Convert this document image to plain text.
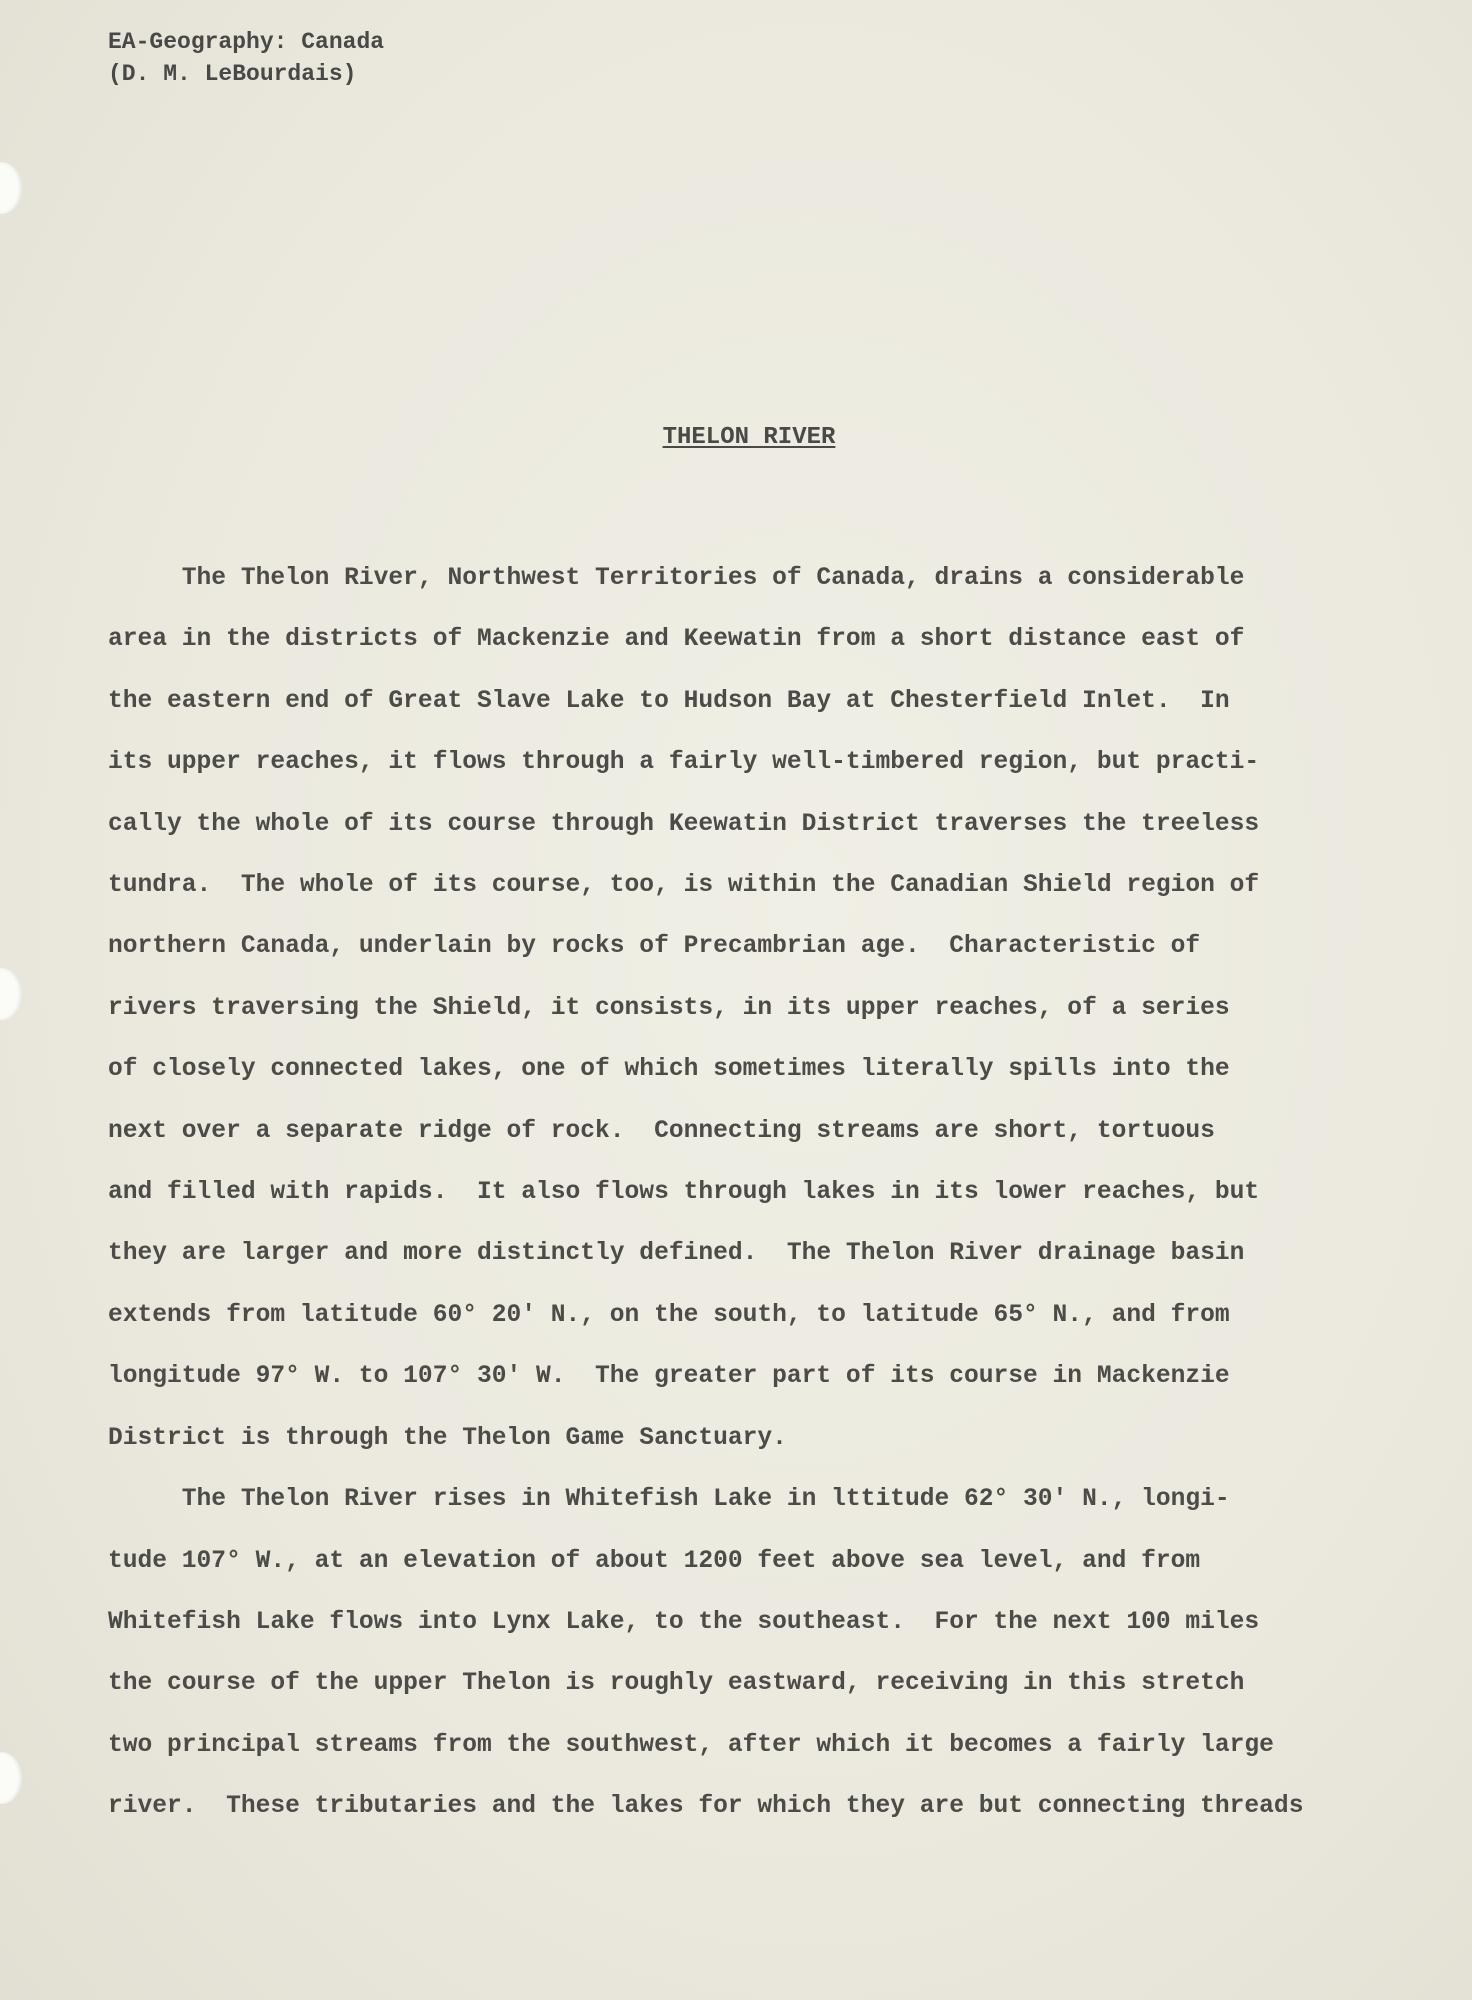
EA-Geography: Canada
(D. M. LeBourdais)
THELON RIVER
The Thelon River, Northwest Territories of Canada, drains a considerable
area in the districts of Mackenzie and Keewatin from a short distance east of
the eastern end of Great Slave Lake to Hudson Bay at Chesterfield Inlet.  In
its upper reaches, it flows through a fairly well-timbered region, but practi-
cally the whole of its course through Keewatin District traverses the treeless
tundra.  The whole of its course, too, is within the Canadian Shield region of
northern Canada, underlain by rocks of Precambrian age.  Characteristic of
rivers traversing the Shield, it consists, in its upper reaches, of a series
of closely connected lakes, one of which sometimes literally spills into the
next over a separate ridge of rock.  Connecting streams are short, tortuous
and filled with rapids.  It also flows through lakes in its lower reaches, but
they are larger and more distinctly defined.  The Thelon River drainage basin
extends from latitude 60° 20' N., on the south, to latitude 65° N., and from
longitude 97° W. to 107° 30' W.  The greater part of its course in Mackenzie
District is through the Thelon Game Sanctuary.
The Thelon River rises in Whitefish Lake in lttitude 62° 30' N., longi-
tude 107° W., at an elevation of about 1200 feet above sea level, and from
Whitefish Lake flows into Lynx Lake, to the southeast.  For the next 100 miles
the course of the upper Thelon is roughly eastward, receiving in this stretch
two principal streams from the southwest, after which it becomes a fairly large
river.  These tributaries and the lakes for which they are but connecting threads
